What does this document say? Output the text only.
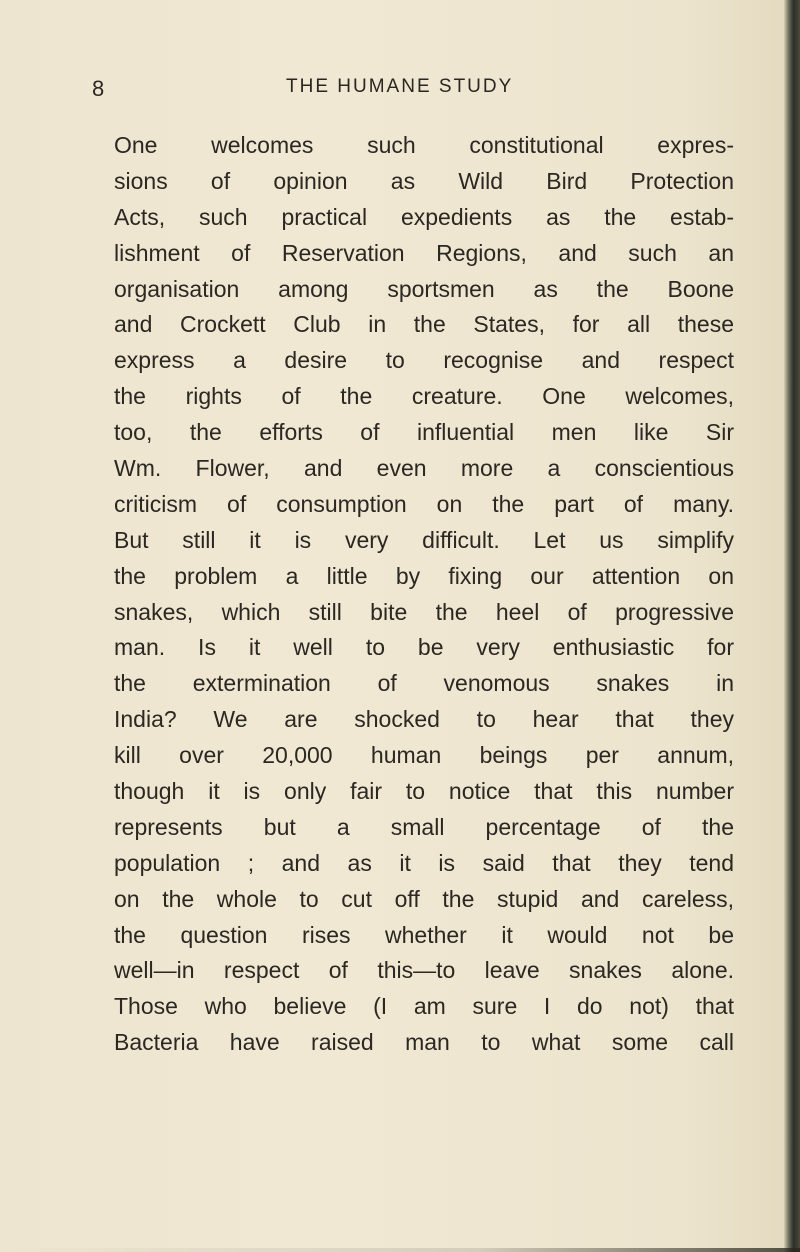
8	THE HUMANE STUDY
One welcomes such constitutional expres-
sions of opinion as Wild Bird Protection
Acts, such practical expedients as the estab-
lishment of Reservation Regions, and such an
organisation among sportsmen as the Boone
and Crockett Club in the States, for all these
express a desire to recognise and respect
the rights of the creature. One welcomes,
too, the efforts of influential men like Sir
Wm. Flower, and even more a conscientious
criticism of consumption on the part of many.
But still it is very difficult. Let us simplify
the problem a little by fixing our attention on
snakes, which still bite the heel of progressive
man. Is it well to be very enthusiastic for
the extermination of venomous snakes in
India? We are shocked to hear that they
kill over 20,000 human beings per annum,
though it is only fair to notice that this number
represents but a small percentage of the
population ; and as it is said that they tend
on the whole to cut off the stupid and careless,
the question rises whether it would not be
well—in respect of this—to leave snakes alone.
Those who believe (I am sure I do not) that
Bacteria have raised man to what some call
